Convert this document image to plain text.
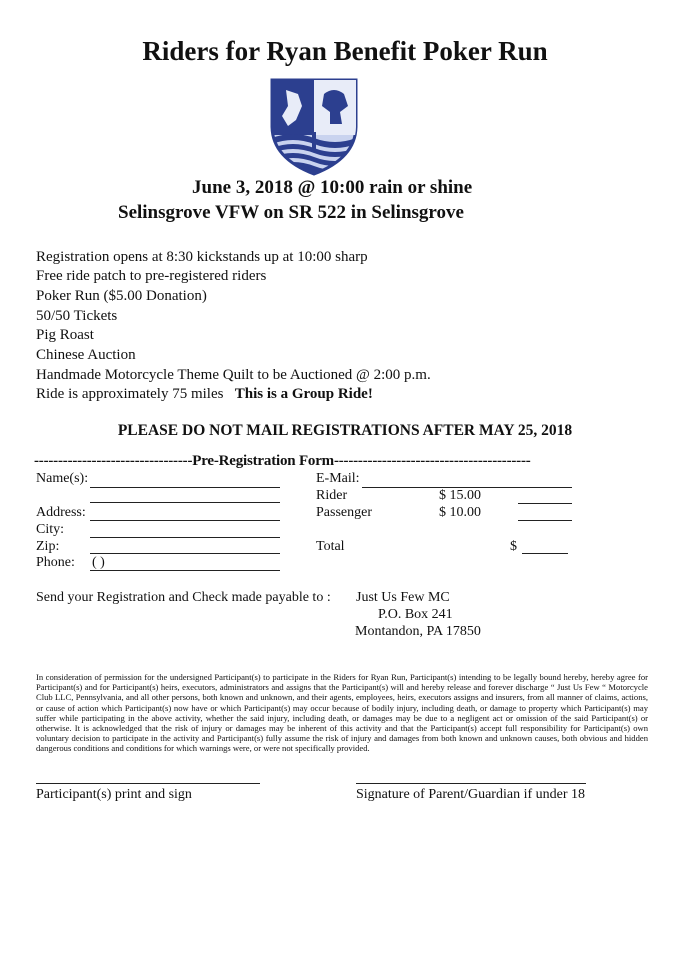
Riders for Ryan Benefit Poker Run
June 3, 2018 @ 10:00 rain or shine
Selinsgrove VFW on SR 522 in Selinsgrove
Registration opens at 8:30 kickstands up at 10:00 sharp
Free ride patch to pre-registered riders
Poker Run ($5.00 Donation)
50/50 Tickets
Pig Roast
Chinese Auction
Handmade Motorcycle Theme Quilt to be Auctioned @ 2:00 p.m.
Ride is approximately 75 miles This is a Group Ride!
PLEASE DO NOT MAIL REGISTRATIONS AFTER MAY 25, 2018
---------------------------------Pre-Registration Form-----------------------------------------
Name(s):
Address:
City:
Zip:
Phone: ( )
E-Mail:
Rider	$ 15.00
Passenger	$ 10.00
Total	$
Send your Registration and Check made payable to : Just Us Few MC
P.O. Box 241
Montandon, PA 17850
In consideration of permission for the undersigned Participant(s) to participate in the Riders for Ryan Run, Participant(s) intending to be legally bound hereby, hereby agree for Participant(s) and for Participant(s) heirs, executors, administrators and assigns that the Participant(s) will and hereby release and forever discharge “ Just Us Few “ Motorcycle Club LLC, Pennsylvania, and all other persons, both known and unknown, and their agents, employees, heirs, executors assigns and insurers, from all manner of claims, actions, or cause of action which Participant(s) now have or which Participant(s) may occur because of bodily injury, including death, or damage to property which Participant(s) may suffer while participating in the above activity, whether the said injury, including death, or damages may be due to a negligent act or omission of the said Participant(s) or otherwise. It is acknowledged that the risk of injury or damages may be inherent of this activity and that the Participant(s) accept full responsibility for Participant(s) own voluntary decision to participate in the activity and Participant(s) fully assume the risk of injury and damages from both known and unknown causes, both obvious and hidden dangerous conditions and conditions for which warnings were, or were not specifically provided.
Participant(s) print and sign	Signature of Parent/Guardian if under 18
